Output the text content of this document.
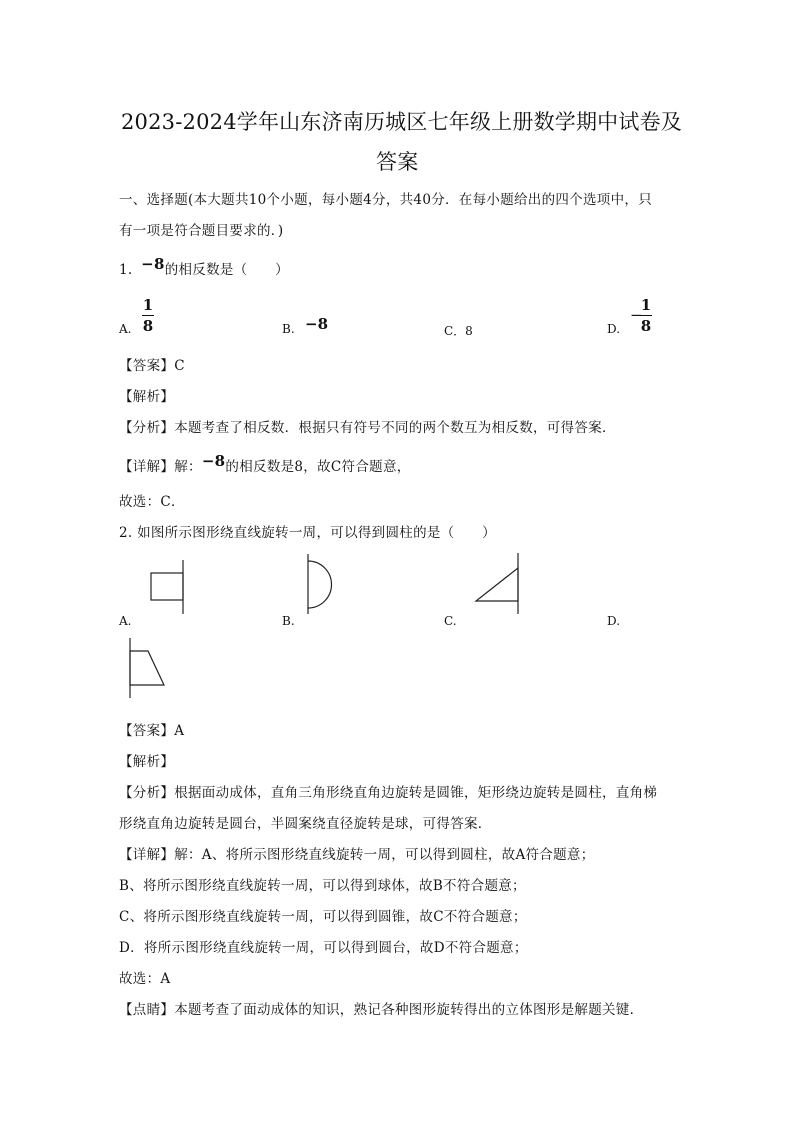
2023-2024学年山东济南历城区七年级上册数学期中试卷及
答案
一、选择题(本大题共10个小题，每小题4分，共40分．在每小题给出的四个选项中，只
有一项是符合题目要求的．)
1. −8的相反数是（　　）
A.
1
8	B. −8	C．8	D.
−
1
8
【答案】C
【解析】
【分析】本题考查了相反数．根据只有符号不同的两个数互为相反数，可得答案．
【详解】解：−8的相反数是8，故C符合题意，
故选：C．
2. 如图所示图形绕直线旋转一周，可以得到圆柱的是（　　）
A.	B.	C.	D.
【答案】A
【解析】
【分析】根据面动成体，直角三角形绕直角边旋转是圆锥，矩形绕边旋转是圆柱，直角梯
形绕直角边旋转是圆台，半圆案绕直径旋转是球，可得答案．
【详解】解：A、将所示图形绕直线旋转一周，可以得到圆柱，故A符合题意；
B、将所示图形绕直线旋转一周，可以得到球体，故B不符合题意；
C、将所示图形绕直线旋转一周，可以得到圆锥，故C不符合题意；
D．将所示图形绕直线旋转一周，可以得到圆台，故D不符合题意；
故选：A
【点睛】本题考查了面动成体的知识，熟记各种图形旋转得出的立体图形是解题关键．
